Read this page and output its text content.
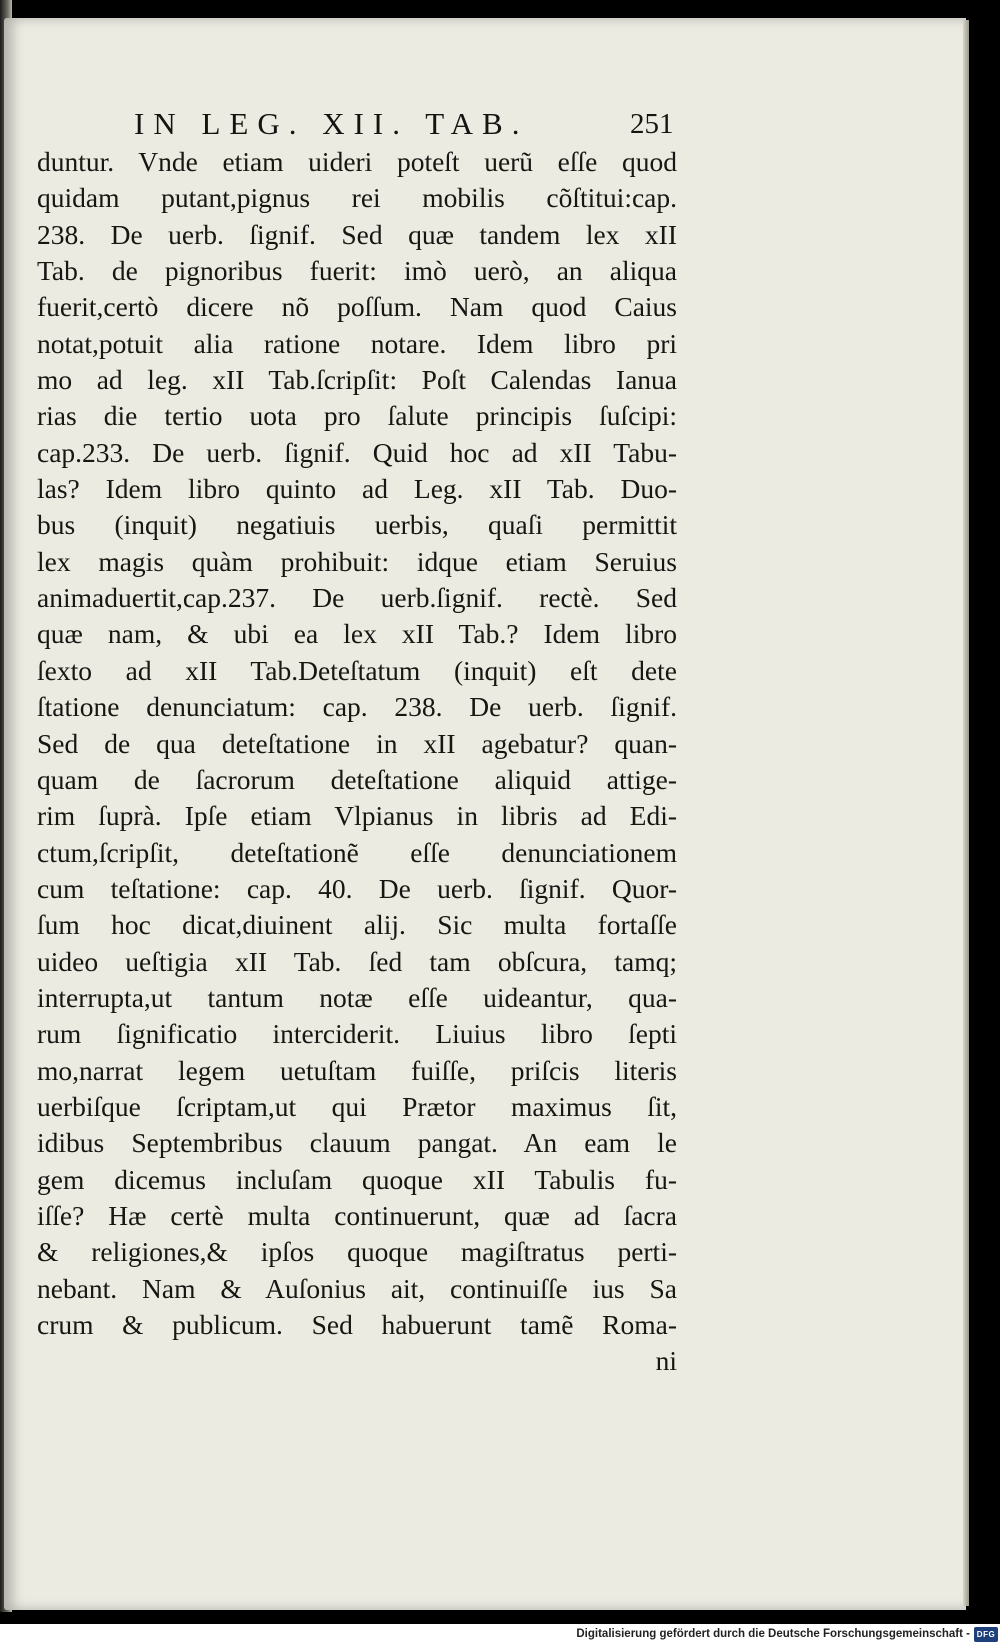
IN LEG. XII. TAB.	251
duntur. Vnde etiam uideri poteſt uerũ eſſe quod
quidam putant,pignus rei mobilis cõſtitui:cap.
238. De uerb. ſignif. Sed quæ tandem lex xII
Tab. de pignoribus fuerit: imò uerò, an aliqua
fuerit,certò dicere nõ poſſum. Nam quod Caius
notat,potuit alia ratione notare. Idem libro pri
mo ad leg. xII Tab.ſcripſit: Poſt Calendas Ianua
rias die tertio uota pro ſalute principis ſuſcipi:
cap.233. De uerb. ſignif. Quid hoc ad xII Tabu-
las? Idem libro quinto ad Leg. xII Tab. Duo-
bus (inquit) negatiuis uerbis, quaſi permittit
lex magis quàm prohibuit: idque etiam Seruius
animaduertit,cap.237. De uerb.ſignif. rectè. Sed
quæ nam, & ubi ea lex xII Tab.? Idem libro
ſexto ad xII Tab.Deteſtatum (inquit) eſt dete
ſtatione denunciatum: cap. 238. De uerb. ſignif.
Sed de qua deteſtatione in xII agebatur? quan-
quam de ſacrorum deteſtatione aliquid attige-
rim ſuprà. Ipſe etiam Vlpianus in libris ad Edi-
ctum,ſcripſit, deteſtationẽ eſſe denunciationem
cum teſtatione: cap. 40. De uerb. ſignif. Quor-
ſum hoc dicat,diuinent alij. Sic multa fortaſſe
uideo ueſtigia xII Tab. ſed tam obſcura, tamq;
interrupta,ut tantum notæ eſſe uideantur, qua-
rum ſignificatio interciderit. Liuius libro ſepti
mo,narrat legem uetuſtam fuiſſe, priſcis literis
uerbiſque ſcriptam,ut qui Prætor maximus ſit,
idibus Septembribus clauum pangat. An eam le
gem dicemus incluſam quoque xII Tabulis fu-
iſſe? Hæ certè multa continuerunt, quæ ad ſacra
& religiones,& ipſos quoque magiſtratus perti-
nebant. Nam & Auſonius ait, continuiſſe ius Sa
crum & publicum. Sed habuerunt tamẽ Roma-
ni
Digitalisierung gefördert durch die Deutsche Forschungsgemeinschaft - DFG
